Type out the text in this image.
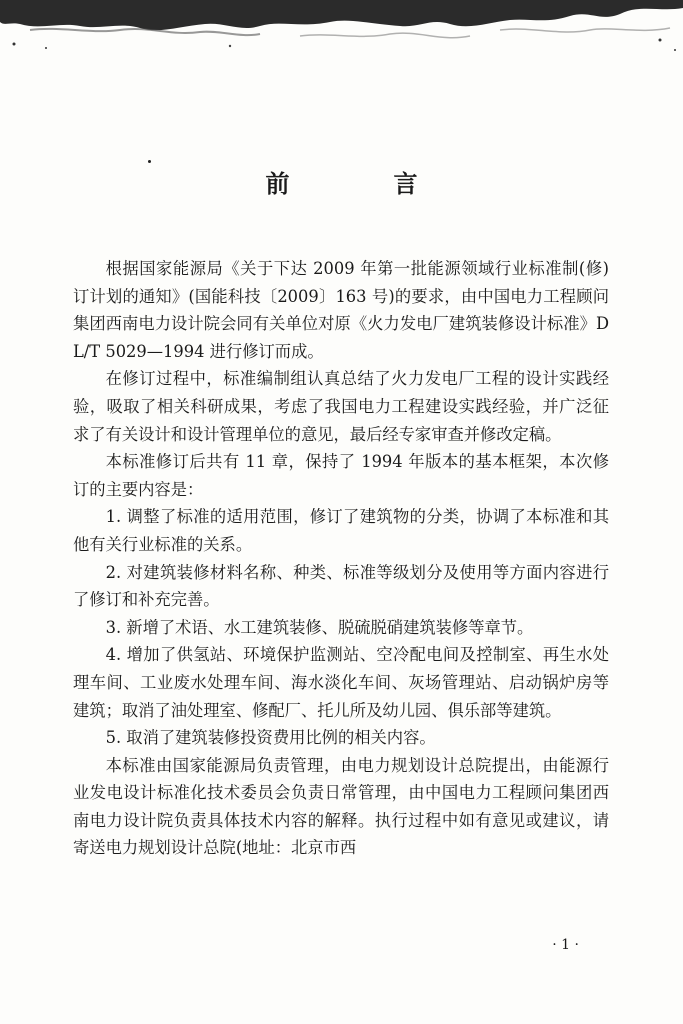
前　言

根据国家能源局《关于下达 2009 年第一批能源领域行业标准制(修)订计划的通知》(国能科技〔2009〕163 号)的要求，由中国电力工程顾问集团西南电力设计院会同有关单位对原《火力发电厂建筑装修设计标准》DL/T 5029—1994 进行修订而成。

在修订过程中，标准编制组认真总结了火力发电厂工程的设计实践经验，吸取了相关科研成果，考虑了我国电力工程建设实践经验，并广泛征求了有关设计和设计管理单位的意见，最后经专家审查并修改定稿。

本标准修订后共有 11 章，保持了 1994 年版本的基本框架，本次修订的主要内容是：

1. 调整了标准的适用范围，修订了建筑物的分类，协调了本标准和其他有关行业标准的关系。

2. 对建筑装修材料名称、种类、标准等级划分及使用等方面内容进行了修订和补充完善。

3. 新增了术语、水工建筑装修、脱硫脱硝建筑装修等章节。

4. 增加了供氢站、环境保护监测站、空冷配电间及控制室、再生水处理车间、工业废水处理车间、海水淡化车间、灰场管理站、启动锅炉房等建筑；取消了油处理室、修配厂、托儿所及幼儿园、俱乐部等建筑。

5. 取消了建筑装修投资费用比例的相关内容。

本标准由国家能源局负责管理，由电力规划设计总院提出，由能源行业发电设计标准化技术委员会负责日常管理，由中国电力工程顾问集团西南电力设计院负责具体技术内容的解释。执行过程中如有意见或建议，请寄送电力规划设计总院(地址：北京市西

· 1 ·
